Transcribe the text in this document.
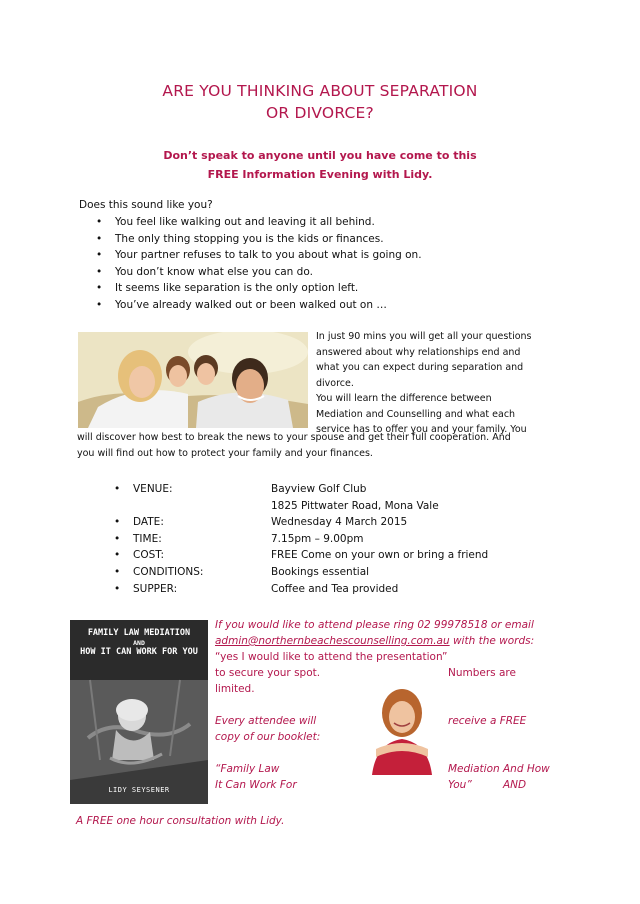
ARE YOU THINKING ABOUT SEPARATION
OR DIVORCE?
Don’t speak to anyone until you have come to this
FREE Information Evening with Lidy.
Does this sound like you?
• You feel like walking out and leaving it all behind.
• The only thing stopping you is the kids or finances.
• Your partner refuses to talk to you about what is going on.
• You don’t know what else you can do.
• It seems like separation is the only option left.
• You’ve already walked out or been walked out on …
In just 90 mins you will get all your questions
answered about why relationships end and
what you can expect during separation and
divorce.
You will learn the difference between
Mediation and Counselling and what each
service has to offer you and your family. You
will discover how best to break the news to your spouse and get their full cooperation. And
you will find out how to protect your family and your finances.
• VENUE:	Bayview Golf Club
1825 Pittwater Road, Mona Vale
• DATE:	Wednesday 4 March 2015
• TIME:	7.15pm – 9.00pm
• COST:	FREE Come on your own or bring a friend
• CONDITIONS:	Bookings essential
• SUPPER:	Coffee and Tea provided
FAMILY LAW MEDIATION
AND
HOW IT CAN WORK FOR YOU
LIDY SEYSENER
If you would like to attend please ring 02 99978518 or email
admin@northernbeachescounselling.com.au with the words:
“yes I would like to attend the presentation”
to secure your spot.	Numbers are
limited.
Every attendee will	receive a FREE
copy of our booklet:
“Family Law	Mediation And How
It Can Work For	You”	AND
A FREE one hour consultation with Lidy.
